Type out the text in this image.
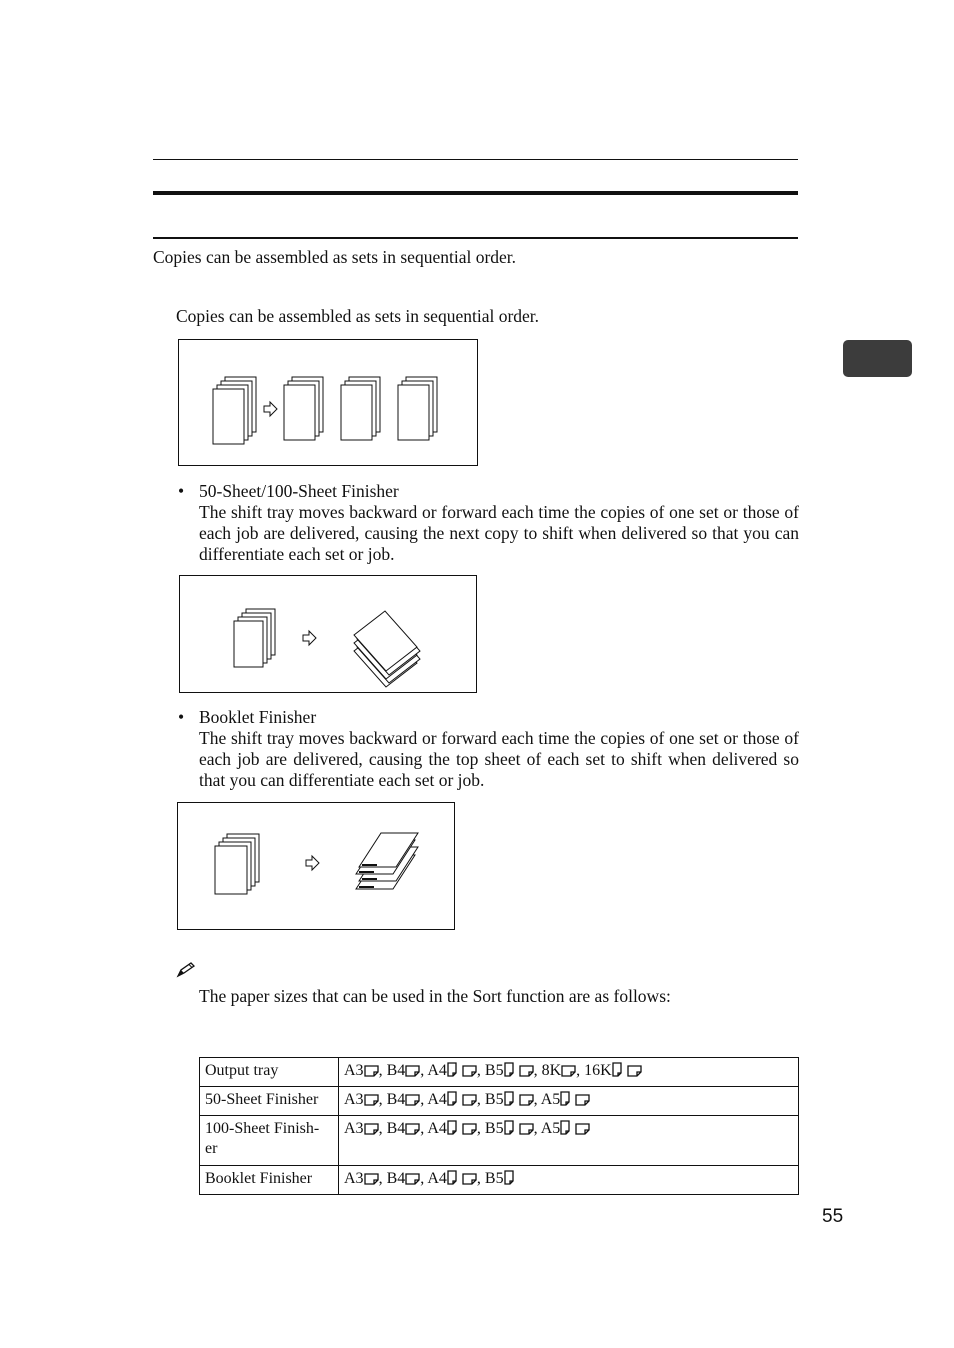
Copies can be assembled as sets in sequential order.
Copies can be assembled as sets in sequential order.
• 50-Sheet/100-Sheet Finisher
The shift tray moves backward or forward each time the copies of one set or those of each job are delivered, causing the next copy to shift when delivered so that you can differentiate each set or job.
• Booklet Finisher
The shift tray moves backward or forward each time the copies of one set or those of each job are delivered, causing the top sheet of each set to shift when delivered so that you can differentiate each set or job.
The paper sizes that can be used in the Sort function are as follows:
Output tray	A3 , B4 , A4 , B5 , 8K , 16K
50-Sheet Finisher	A3 , B4 , A4 , B5 , A5
100-Sheet Finish-
er	A3 , B4 , A4 , B5 , A5
Booklet Finisher	A3 , B4 , A4 , B5
55
